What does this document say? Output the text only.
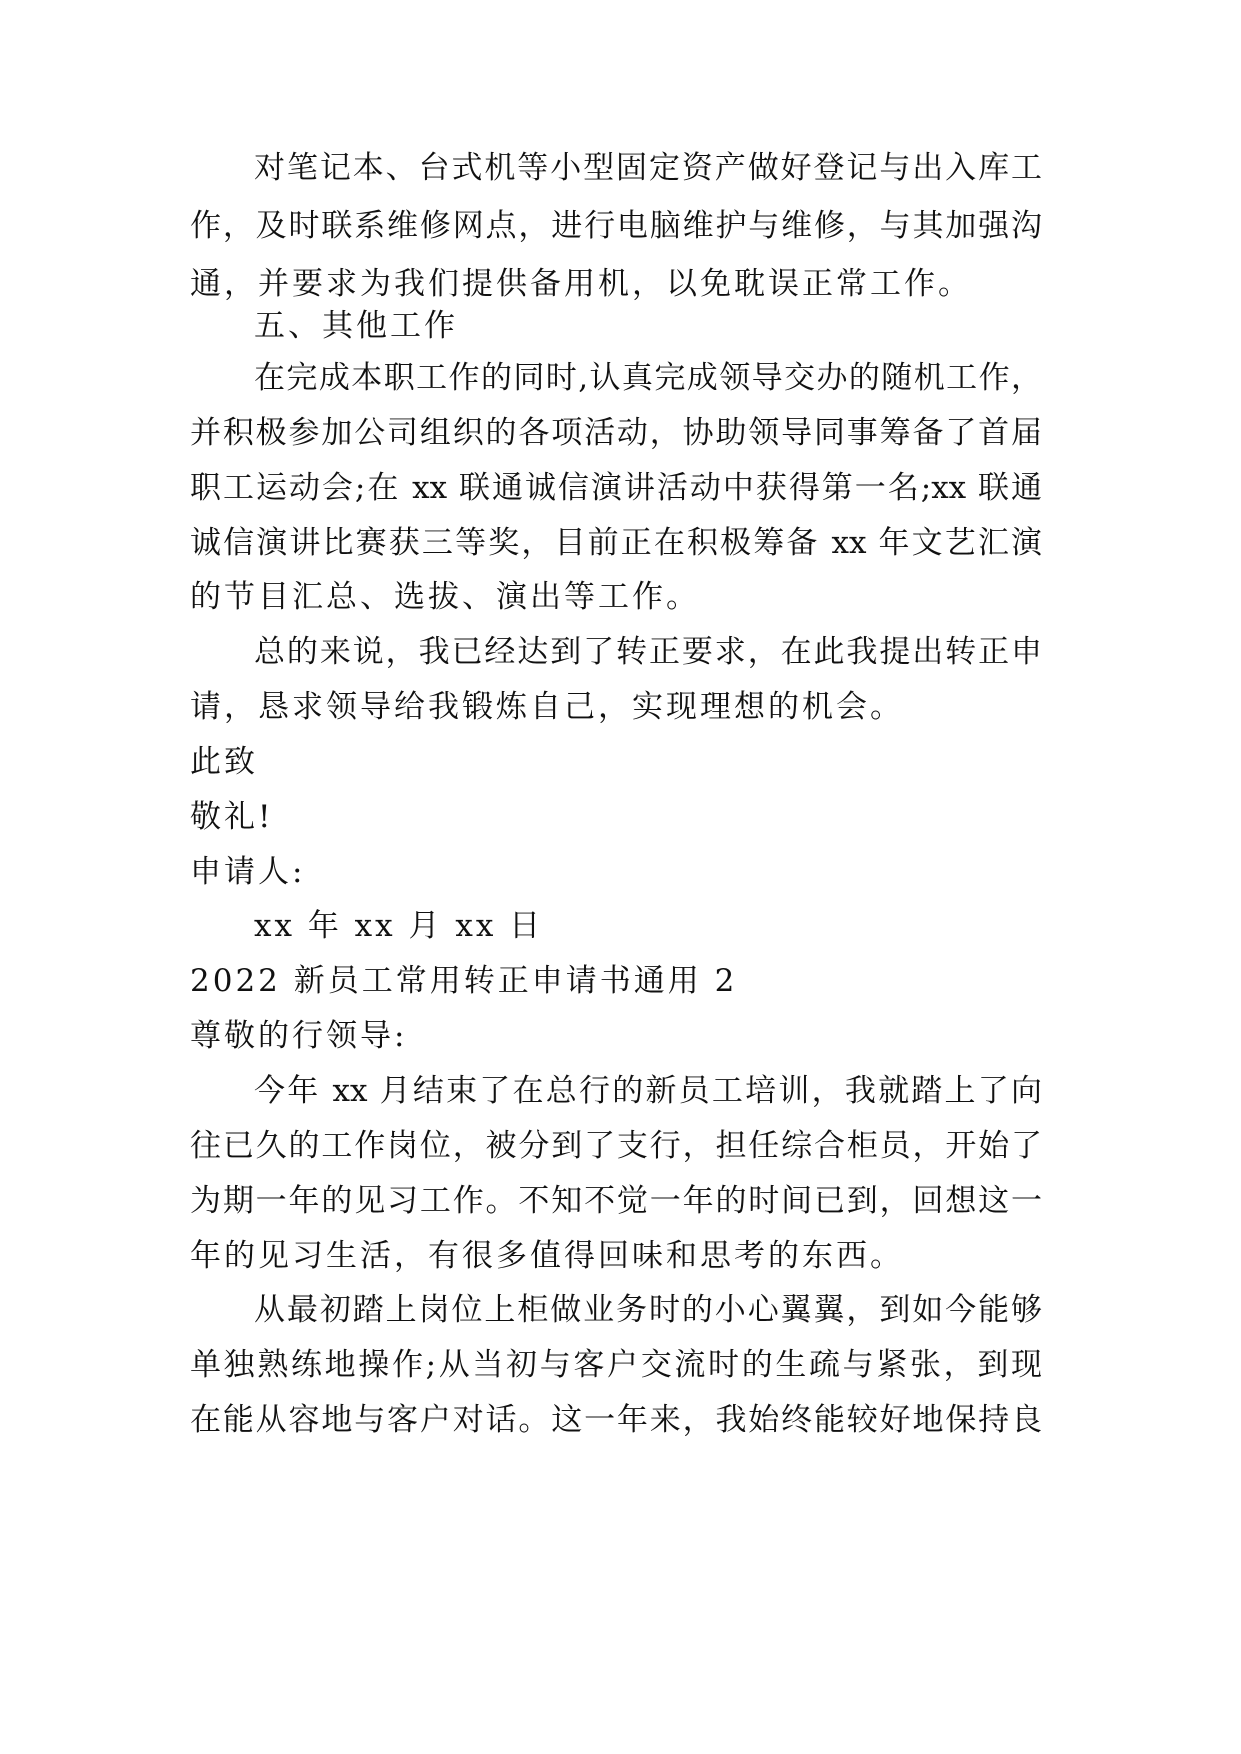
对笔记本、台式机等小型固定资产做好登记与出入库工
作，及时联系维修网点，进行电脑维护与维修，与其加强沟
通，并要求为我们提供备用机，以免耽误正常工作。
五、其他工作
在完成本职工作的同时,认真完成领导交办的随机工作，
并积极参加公司组织的各项活动，协助领导同事筹备了首届
职工运动会;在 xx 联通诚信演讲活动中获得第一名;xx 联通
诚信演讲比赛获三等奖，目前正在积极筹备 xx 年文艺汇演
的节目汇总、选拔、演出等工作。
总的来说，我已经达到了转正要求，在此我提出转正申
请，恳求领导给我锻炼自己，实现理想的机会。
此致
敬礼!
申请人:
xx 年 xx 月 xx 日
2022 新员工常用转正申请书通用 2
尊敬的行领导:
今年 xx 月结束了在总行的新员工培训，我就踏上了向
往已久的工作岗位，被分到了支行，担任综合柜员，开始了
为期一年的见习工作。不知不觉一年的时间已到，回想这一
年的见习生活，有很多值得回味和思考的东西。
从最初踏上岗位上柜做业务时的小心翼翼，到如今能够
单独熟练地操作;从当初与客户交流时的生疏与紧张，到现
在能从容地与客户对话。这一年来，我始终能较好地保持良
